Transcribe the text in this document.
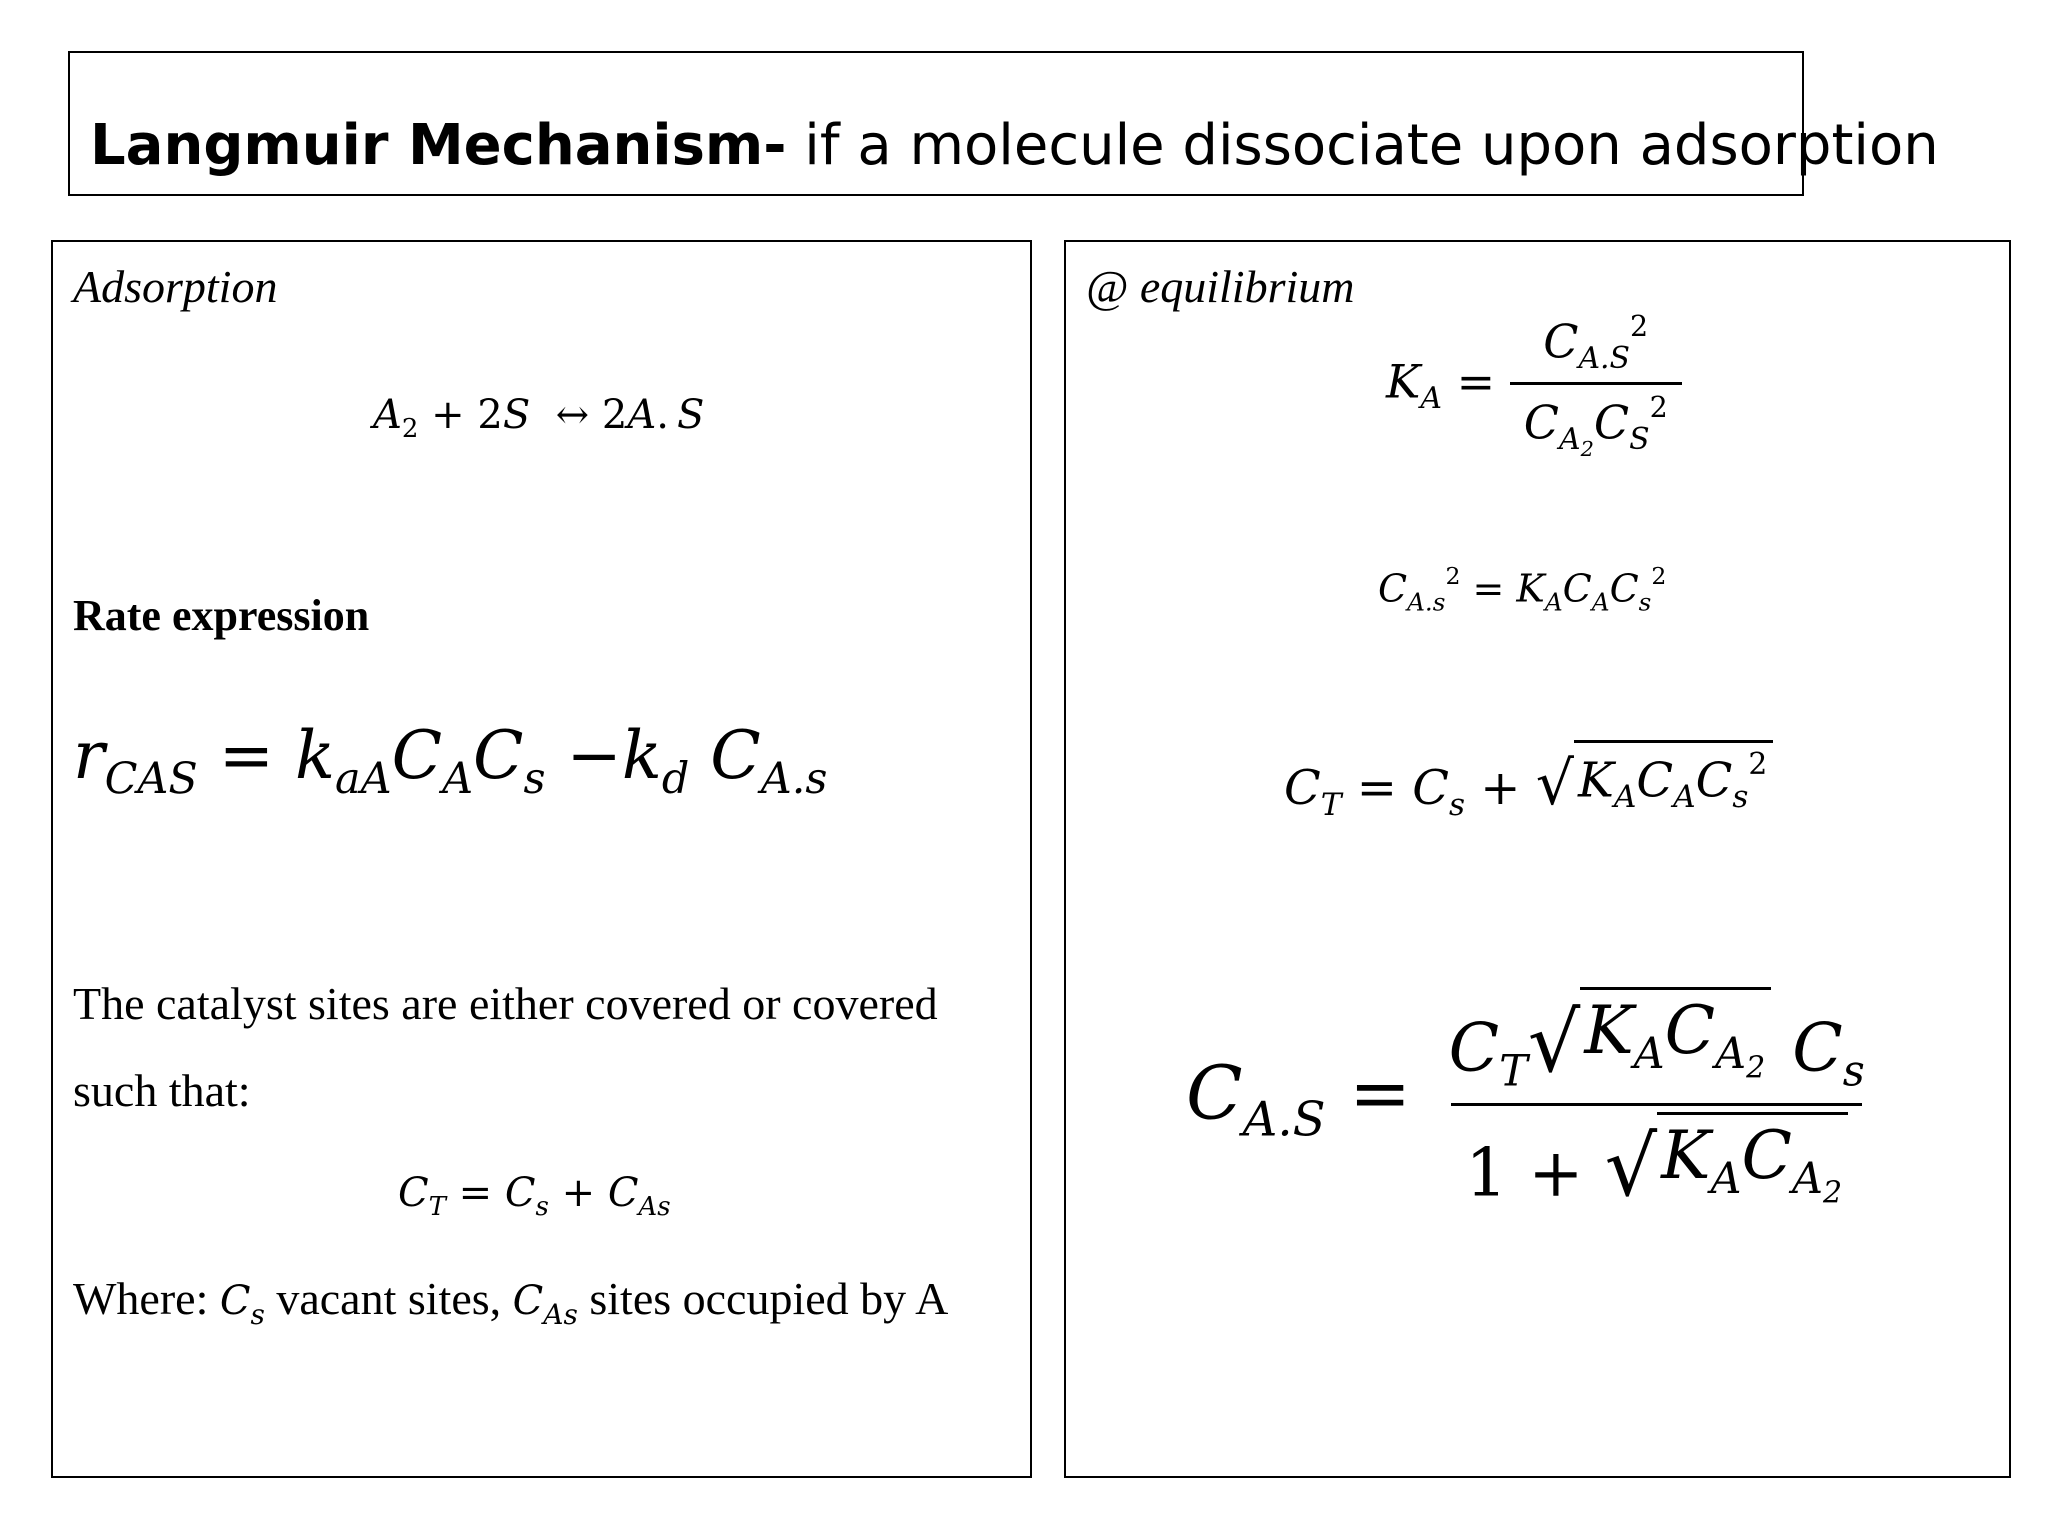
Langmuir Mechanism- if a molecule dissociate upon adsorption
Adsorption
$A_2 + 2S$  ↔ 2A. S
Rate expression
$r_{CAS} = k_{aA}C_AC_s -k_d$ $C_{A.s}$
The catalyst sites are either covered or covered
such that:
$C_T = C_s + C_{As}$
Where: $C_s$ vacant sites, $C_{As}$ sites occupied by A
@ equilibrium
$K_A = \frac{C_{A.S}^2}{C_{A_2}C_S^2}$
$C_{A.s}^2 = K_AC_AC_s^2$
$C_T = C_s$ + √ $K_AC_AC_s^2$
$C_{A.S} = \frac{C_T √ K_AC_{A_2} C_s}{1 + √ K_AC_{A_2}}$
